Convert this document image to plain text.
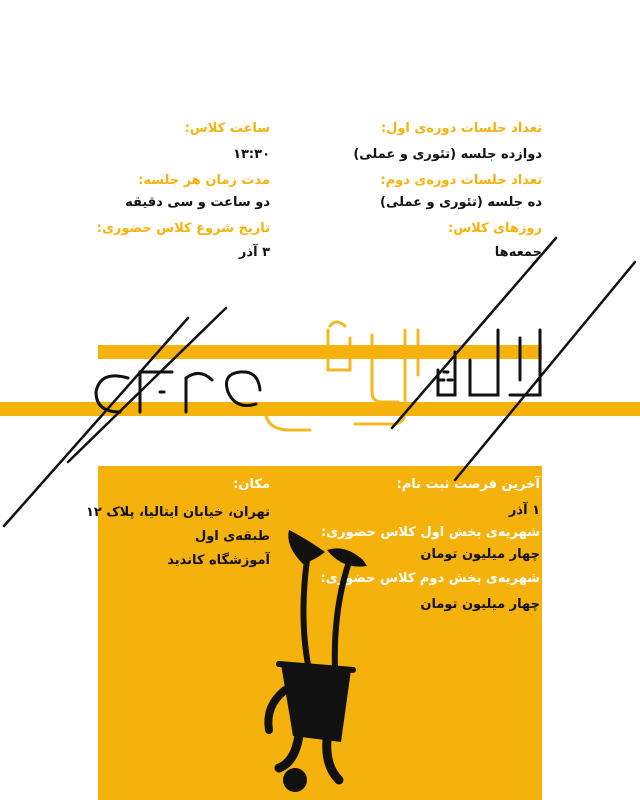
تعداد جلسات دوره‌ی اول:
دوازده جلسه (تئوری و عملی)
تعداد جلسات دوره‌ی دوم:
ده جلسه (تئوری و عملی)
روزهای کلاس:
جمعه‌ها
ساعت کلاس:
۱۳:۳۰
مدت زمان هر جلسه:
دو ساعت و سی دقیقه
تاریخ شروع کلاس حضوری:
۳ آذر
آخرین فرصت ثبت نام:
۱ آذر
شهریه‌ی بخش اول کلاس حضوری:
چهار میلیون تومان
شهریه‌ی بخش دوم کلاس حضوری:
چهار میلیون تومان
مکان:
تهران، خیابان ایتالیا، پلاک ۱۲
طبقه‌ی اول
آموزشگاه کاندید
